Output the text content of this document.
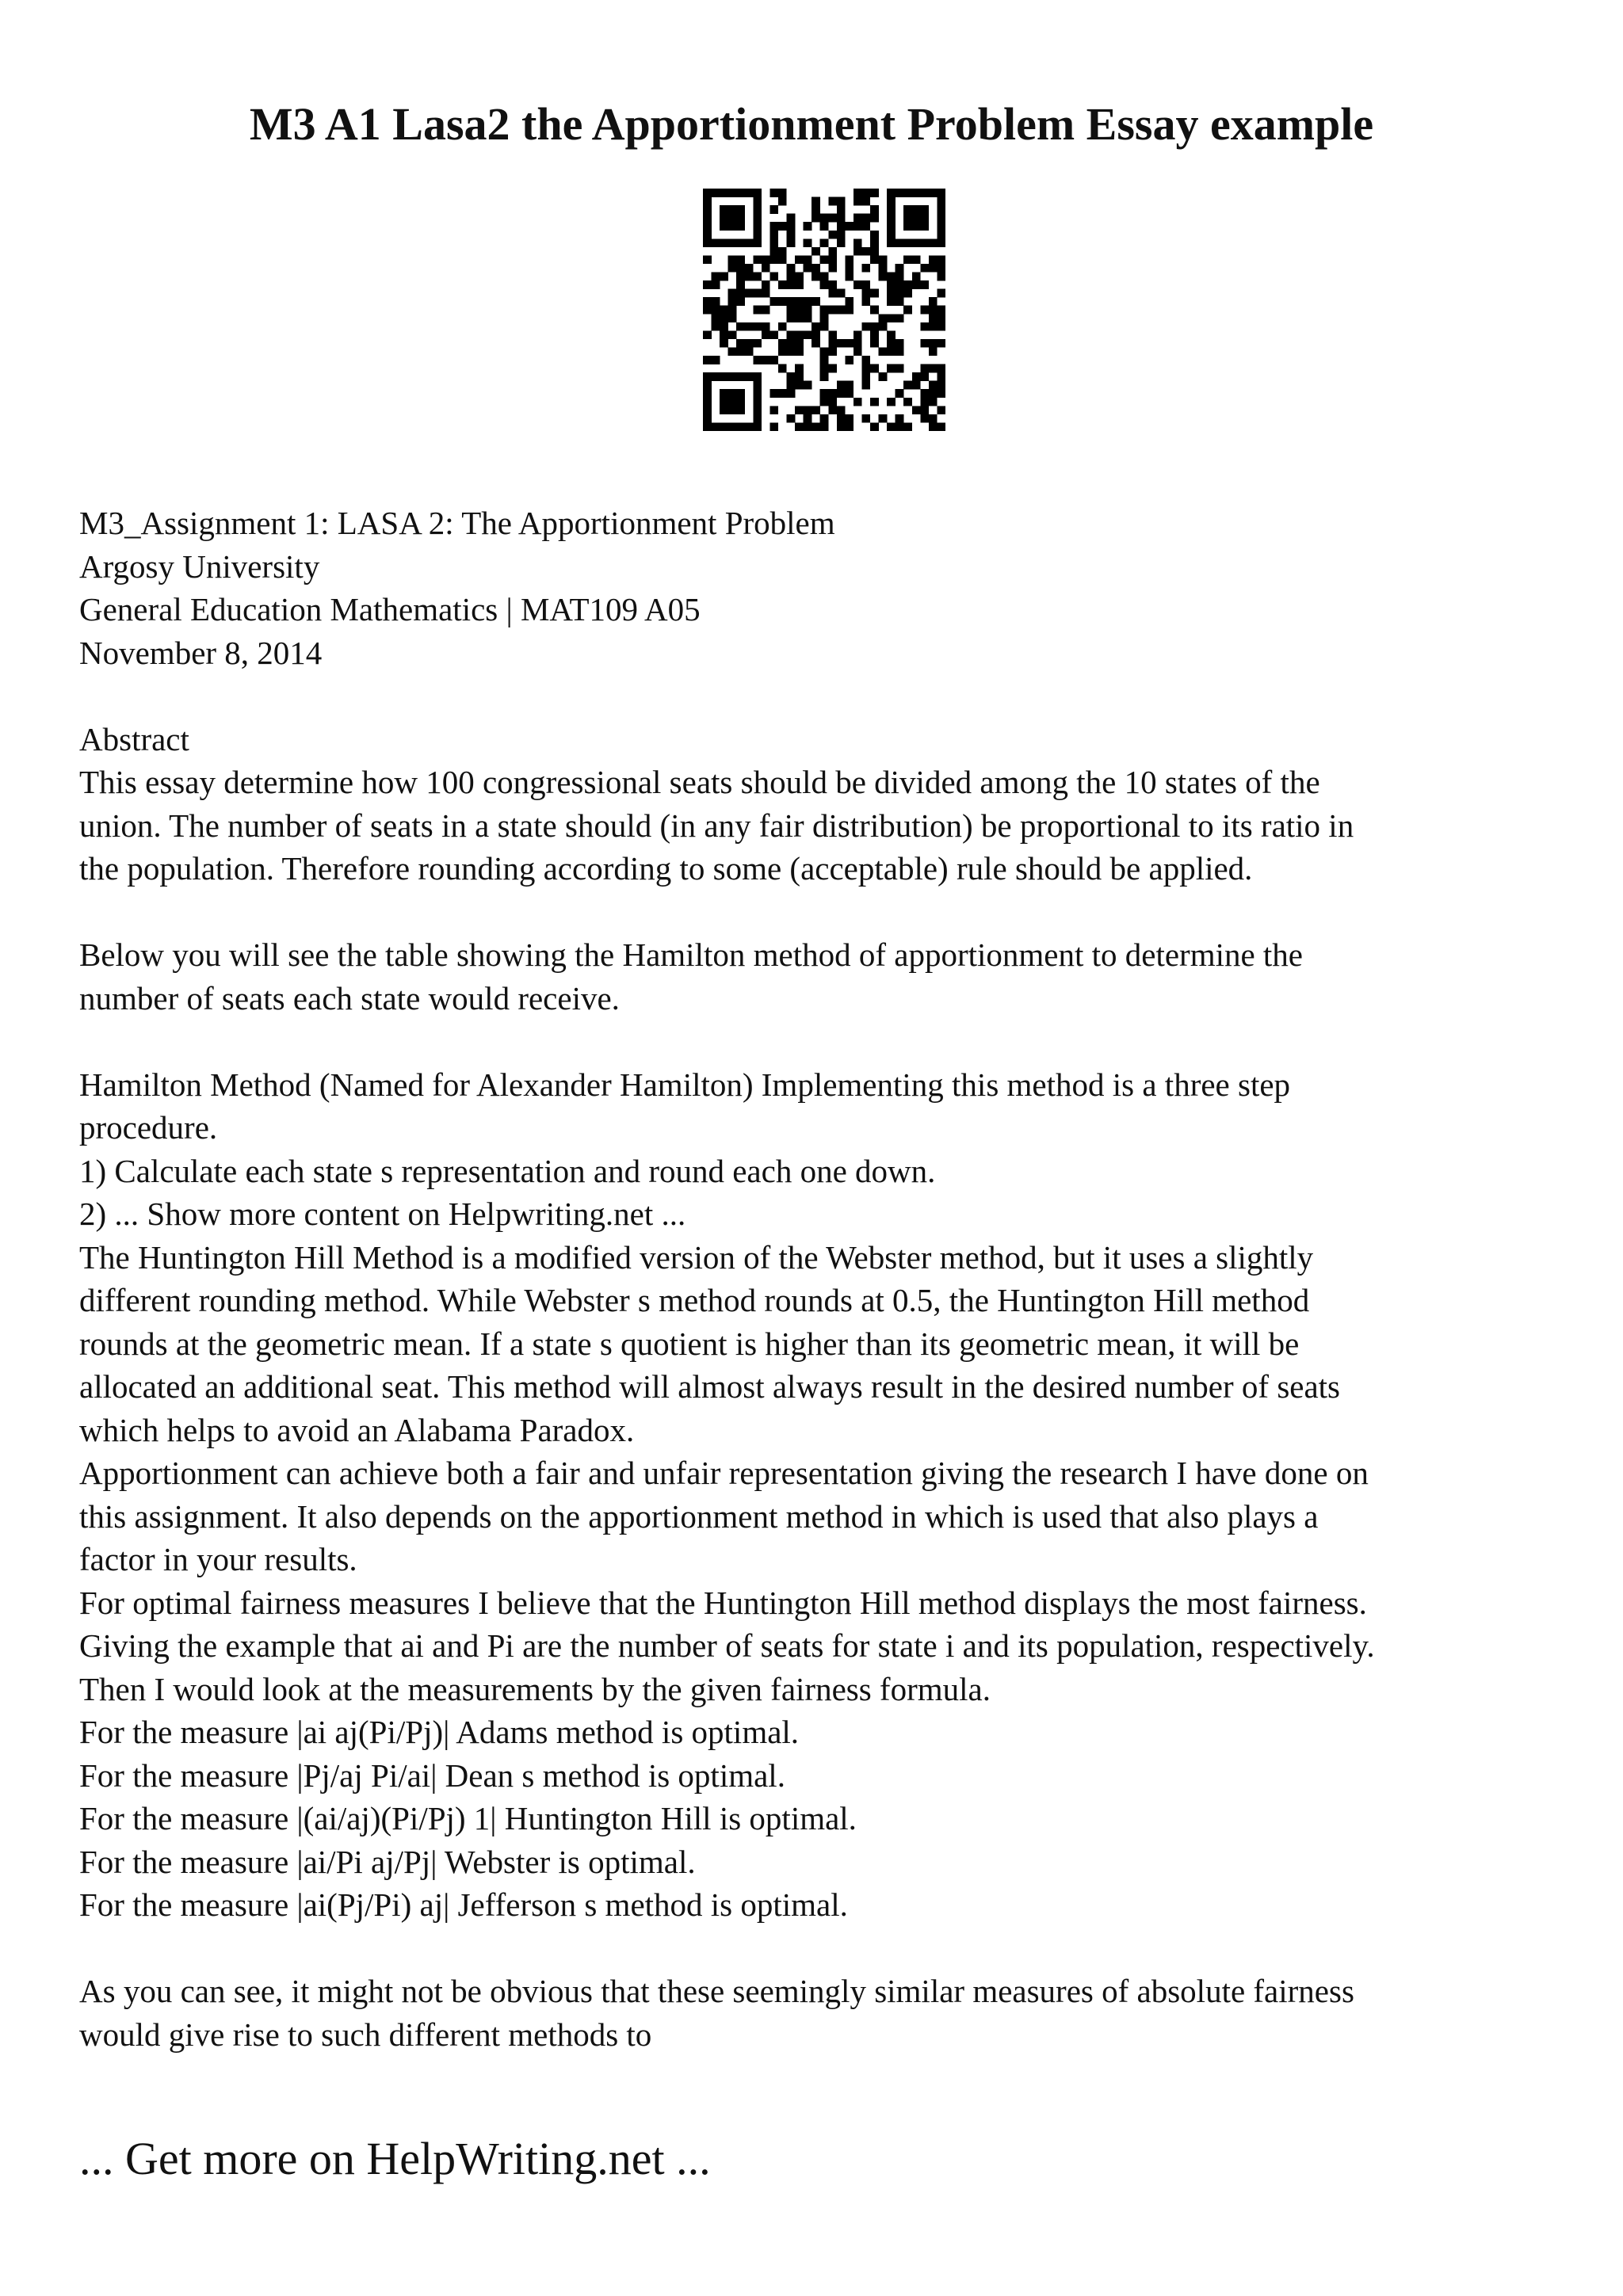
M3 A1 Lasa2 the Apportionment Problem Essay example

M3_Assignment 1: LASA 2: The Apportionment Problem

Argosy University

General Education Mathematics | MAT109 A05

November 8, 2014

Abstract

This essay determine how 100 congressional seats should be divided among the 10 states of the

union. The number of seats in a state should (in any fair distribution) be proportional to its ratio in

the population. Therefore rounding according to some (acceptable) rule should be applied.

Below you will see the table showing the Hamilton method of apportionment to determine the

number of seats each state would receive.

Hamilton Method (Named for Alexander Hamilton) Implementing this method is a three step

procedure.

1) Calculate each state s representation and round each one down.

2) ... Show more content on Helpwriting.net ...

The Huntington Hill Method is a modified version of the Webster method, but it uses a slightly

different rounding method. While Webster s method rounds at 0.5, the Huntington Hill method

rounds at the geometric mean. If a state s quotient is higher than its geometric mean, it will be

allocated an additional seat. This method will almost always result in the desired number of seats

which helps to avoid an Alabama Paradox.

Apportionment can achieve both a fair and unfair representation giving the research I have done on

this assignment. It also depends on the apportionment method in which is used that also plays a

factor in your results.

For optimal fairness measures I believe that the Huntington Hill method displays the most fairness.

Giving the example that ai and Pi are the number of seats for state i and its population, respectively.

Then I would look at the measurements by the given fairness formula.

For the measure |ai aj(Pi/Pj)| Adams method is optimal.

For the measure |Pj/aj Pi/ai| Dean s method is optimal.

For the measure |(ai/aj)(Pi/Pj) 1| Huntington Hill is optimal.

For the measure |ai/Pi aj/Pj| Webster is optimal.

For the measure |ai(Pj/Pi) aj| Jefferson s method is optimal.

As you can see, it might not be obvious that these seemingly similar measures of absolute fairness

would give rise to such different methods to

... Get more on HelpWriting.net ...
